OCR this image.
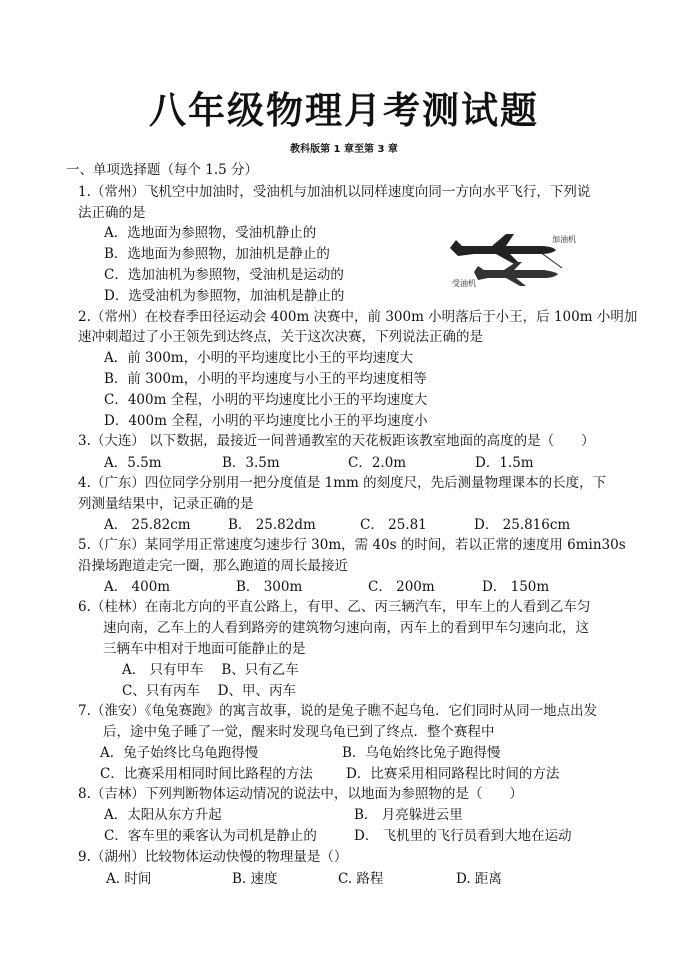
八年级物理月考测试题
教科版第 1 章至第 3 章
一、单项选择题（每个 1.5 分）
1.（常州）飞机空中加油时，受油机与加油机以同样速度向同一方向水平飞行，下列说
法正确的是
A．选地面为参照物，受油机静止的
B．选地面为参照物，加油机是静止的
C．选加油机为参照物，受油机是运动的
D．选受油机为参照物，加油机是静止的
加油机
受油机
2.（常州）在校春季田径运动会 400m 决赛中，前 300m 小明落后于小王，后 100m 小明加
速冲刺超过了小王领先到达终点，关于这次决赛，下列说法正确的是
A．前 300m，小明的平均速度比小王的平均速度大
B．前 300m，小明的平均速度与小王的平均速度相等
C．400m 全程，小明的平均速度比小王的平均速度大
D．400m 全程，小明的平均速度比小王的平均速度小
3.（大连） 以下数据，最接近一间普通教室的天花板距该教室地面的高度的是（　　）
A．5.5m	B．3.5m	C．2.0m	D．1.5m
4.（广东）四位同学分别用一把分度值是 1mm 的刻度尺，先后测量物理课本的长度，下
列测量结果中，记录正确的是
A． 25.82cm	B． 25.82dm	C． 25.81	D． 25.816cm
5.（广东）某同学用正常速度匀速步行 30m，需 40s 的时间，若以正常的速度用 6min30s
沿操场跑道走完一圈，那么跑道的周长最接近
A． 400m	B． 300m	C． 200m	D． 150m
6.（桂林）在南北方向的平直公路上，有甲、乙、丙三辆汽车，甲车上的人看到乙车匀
速向南，乙车上的人看到路旁的建筑物匀速向南，丙车上的看到甲车匀速向北，这
三辆车中相对于地面可能静止的是
A． 只有甲车　 B、只有乙车
C、只有丙车　 D、甲、丙车
7.（淮安）《龟兔赛跑》的寓言故事，说的是兔子瞧不起乌龟．它们同时从同一地点出发
后，途中兔子睡了一觉，醒来时发现乌龟已到了终点．整个赛程中
A．兔子始终比乌龟跑得慢	B．乌龟始终比兔子跑得慢
C．比赛采用相同时间比路程的方法 D．比赛采用相同路程比时间的方法
8.（吉林）下列判断物体运动情况的说法中，以地面为参照物的是（　　）
A．太阳从东方升起	B． 月亮躲进云里
C．客车里的乘客认为司机是静止的	D． 飞机里的飞行员看到大地在运动
9.（湖州）比较物体运动快慢的物理量是（）
A. 时间	B. 速度	C. 路程	D. 距离
